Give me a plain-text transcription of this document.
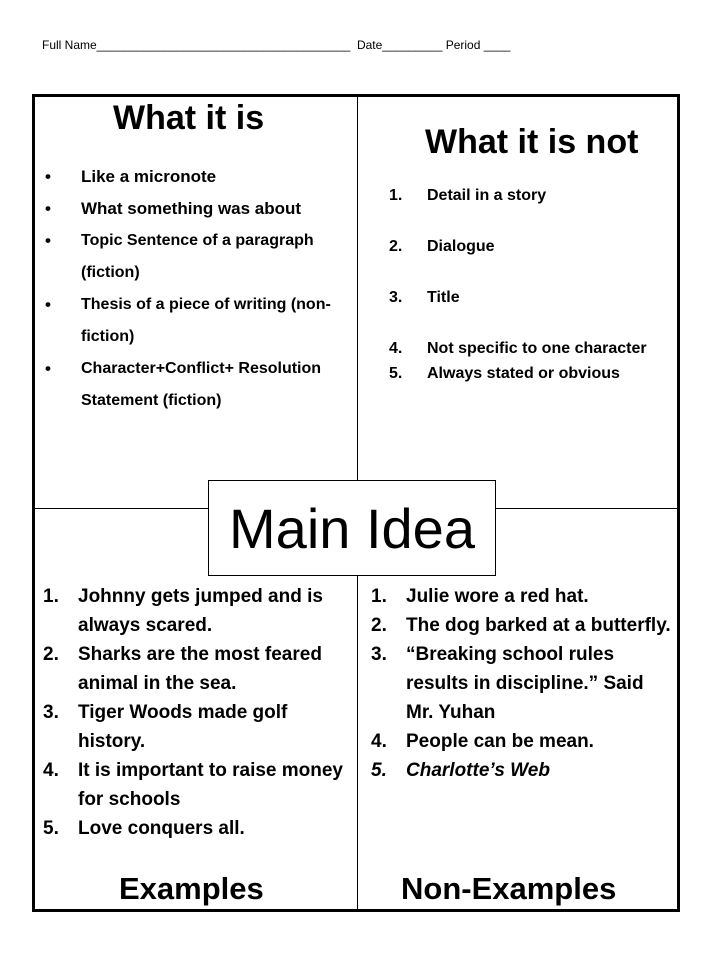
Full Name______________________________________  Date_________ Period ____
What it is
• Like a micronote
• What something was about
• Topic Sentence of a paragraph (fiction)
• Thesis of a piece of writing (non-fiction)
• Character+Conflict+ Resolution Statement (fiction)
What it is not
1. Detail in a story
2. Dialogue
3. Title
4. Not specific to one character
5. Always stated or obvious
1. Johnny gets jumped and is always scared.
2. Sharks are the most feared animal in the sea.
3. Tiger Woods made golf history.
4. It is important to raise money for schools
5. Love conquers all.
Examples
1. Julie wore a red hat.
2. The dog barked at a butterfly.
3. “Breaking school rules results in discipline.” Said Mr. Yuhan
4. People can be mean.
5. Charlotte’s Web
Non-Examples
Main Idea
